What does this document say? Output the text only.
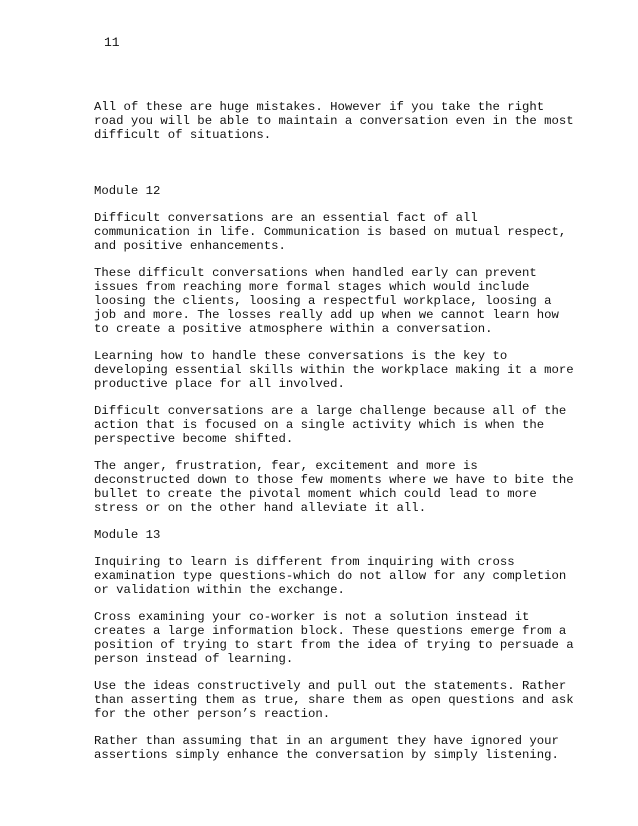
11
All of these are huge mistakes. However if you take the right
road you will be able to maintain a conversation even in the most
difficult of situations.
Module 12
Difficult conversations are an essential fact of all
communication in life. Communication is based on mutual respect,
and positive enhancements.
These difficult conversations when handled early can prevent
issues from reaching more formal stages which would include
loosing the clients, loosing a respectful workplace, loosing a
job and more. The losses really add up when we cannot learn how
to create a positive atmosphere within a conversation.
Learning how to handle these conversations is the key to
developing essential skills within the workplace making it a more
productive place for all involved.
Difficult conversations are a large challenge because all of the
action that is focused on a single activity which is when the
perspective become shifted.
The anger, frustration, fear, excitement and more is
deconstructed down to those few moments where we have to bite the
bullet to create the pivotal moment which could lead to more
stress or on the other hand alleviate it all.
Module 13
Inquiring to learn is different from inquiring with cross
examination type questions-which do not allow for any completion
or validation within the exchange.
Cross examining your co-worker is not a solution instead it
creates a large information block. These questions emerge from a
position of trying to start from the idea of trying to persuade a
person instead of learning.
Use the ideas constructively and pull out the statements. Rather
than asserting them as true, share them as open questions and ask
for the other person’s reaction.
Rather than assuming that in an argument they have ignored your
assertions simply enhance the conversation by simply listening.
